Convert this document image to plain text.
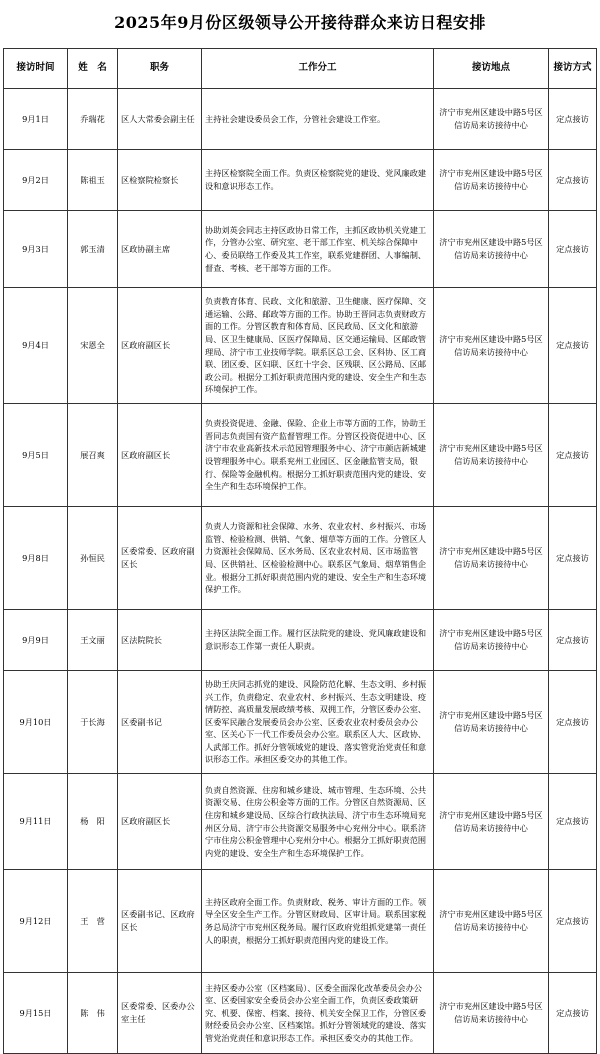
2025年9月份区级领导公开接待群众来访日程安排
接访时间	姓　名	职务	工作分工	接访地点	接访方式
9月1日	乔瑞花	区人大常委会副主任	主持社会建设委员会工作，分管社会建设工作室。	济宁市兖州区建设中路5号区信访局来访接待中心	定点接访
9月2日	陈祖玉	区检察院检察长	主持区检察院全面工作。负责区检察院党的建设、党风廉政建设和意识形态工作。	济宁市兖州区建设中路5号区信访局来访接待中心	定点接访
9月3日	郭玉清	区政协副主席	协助刘英会同志主持区政协日常工作，主抓区政协机关党建工作，分管办公室、研究室、老干部工作室、机关综合保障中心、委员联络工作委及其工作室，联系党建群团、人事编制、督查、考核、老干部等方面的工作。	济宁市兖州区建设中路5号区信访局来访接待中心	定点接访
9月4日	宋恩全	区政府副区长	负责教育体育、民政、文化和旅游、卫生健康、医疗保障、交通运输、公路、邮政等方面的工作。协助王晋同志负责财政方面的工作。分管区教育和体育局、区民政局、区文化和旅游局、区卫生健康局、区医疗保障局、区交通运输局、区邮政管理局、济宁市工业技师学院。联系区总工会、区科协、区工商联、团区委、区妇联、区红十字会、区残联、区公路局、区邮政公司。根据分工抓好职责范围内党的建设、安全生产和生态环境保护工作。	济宁市兖州区建设中路5号区信访局来访接待中心	定点接访
9月5日	展召爽	区政府副区长	负责投资促进、金融、保险、企业上市等方面的工作，协助王晋同志负责国有资产监督管理工作。分管区投资促进中心、区济宁市农业高新技术示范园管理服务中心、济宁市颜店新城建设管理服务中心。联系兖州工业园区、区金融监管支局，银行、保险等金融机构。根据分工抓好职责范围内党的建设、安全生产和生态环境保护工作。	济宁市兖州区建设中路5号区信访局来访接待中心	定点接访
9月8日	孙恒民	区委常委、区政府副区长	负责人力资源和社会保障、水务、农业农村、乡村振兴、市场监管、检验检测、供销、气象、烟草等方面的工作。分管区人力资源社会保障局、区水务局、区农业农村局、区市场监管局、区供销社、区检验检测中心。联系区气象局、烟草销售企业。根据分工抓好职责范围内党的建设、安全生产和生态环境保护工作。	济宁市兖州区建设中路5号区信访局来访接待中心	定点接访
9月9日	王文丽	区法院院长	主持区法院全面工作。履行区法院党的建设、党风廉政建设和意识形态工作第一责任人职责。	济宁市兖州区建设中路5号区信访局来访接待中心	定点接访
9月10日	于长海	区委副书记	协助王庆同志抓党的建设、风险防范化解、生态文明、乡村振兴工作，负责稳定、农业农村、乡村振兴、生态文明建设、疫情防控、高质量发展政绩考核、双拥工作，分管区委办公室、区委军民融合发展委员会办公室、区委农业农村委员会办公室、区关心下一代工作委员会办公室。联系区人大、区政协、人武部工作。抓好分管领域党的建设、落实管党治党责任和意识形态工作。承担区委交办的其他工作。	济宁市兖州区建设中路5号区信访局来访接待中心	定点接访
9月11日	杨　阳	区政府副区长	负责自然资源、住房和城乡建设、城市管理、生态环境、公共资源交易、住房公积金等方面的工作。分管区自然资源局、区住房和城乡建设局、区综合行政执法局、济宁市生态环境局兖州区分局、济宁市公共资源交易服务中心兖州分中心。联系济宁市住房公积金管理中心兖州分中心。根据分工抓好职责范围内党的建设、安全生产和生态环境保护工作。	济宁市兖州区建设中路5号区信访局来访接待中心	定点接访
9月12日	王　营	区委副书记、区政府区长	主持区政府全面工作。负责财政、税务、审计方面的工作。领导全区安全生产工作。分管区财政局、区审计局。联系国家税务总局济宁市兖州区税务局。履行区政府党组抓党建第一责任人的职责，根据分工抓好职责范围内党的建设工作。	济宁市兖州区建设中路5号区信访局来访接待中心	定点接访
9月15日	陈　伟	区委常委、区委办公室主任	主持区委办公室（区档案局）、区委全面深化改革委员会办公室、区委国家安全委员会办公室全面工作，负责区委政策研究、机要、保密、档案、接待、机关安全保卫工作，分管区委财经委员会办公室、区档案馆。抓好分管领域党的建设、落实管党治党责任和意识形态工作。承担区委交办的其他工作。	济宁市兖州区建设中路5号区信访局来访接待中心	定点接访
